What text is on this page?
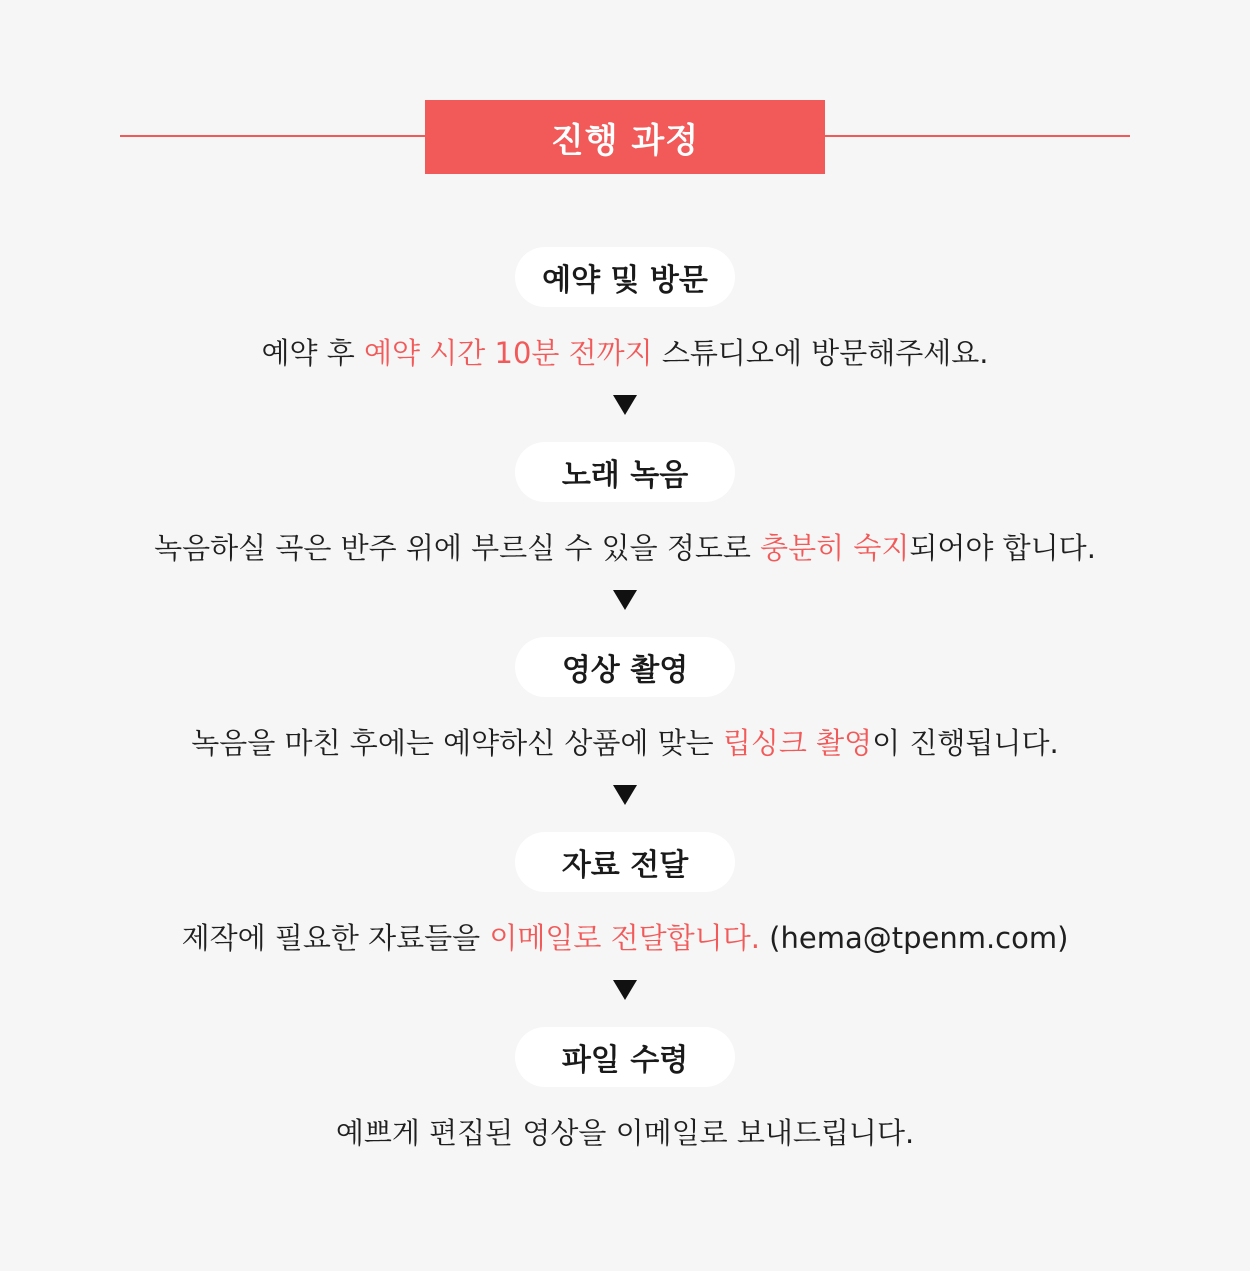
진행 과정
예약 및 방문
예약 후 예약 시간 10분 전까지 스튜디오에 방문해주세요.
노래 녹음
녹음하실 곡은 반주 위에 부르실 수 있을 정도로 충분히 숙지되어야 합니다.
영상 촬영
녹음을 마친 후에는 예약하신 상품에 맞는 립싱크 촬영이 진행됩니다.
자료 전달
제작에 필요한 자료들을 이메일로 전달합니다. (hema@tpenm.com)
파일 수령
예쁘게 편집된 영상을 이메일로 보내드립니다.
